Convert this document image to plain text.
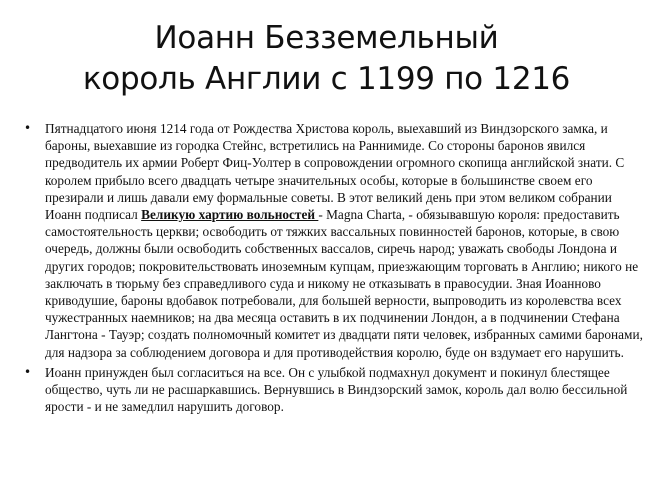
Иоанн Безземельный
король Англии с 1199 по 1216
• Пятнадцатого июня 1214 года от Рождества Христова король, выехавший из Виндзорского замка, и бароны, выехавшие из городка Стейнс, встретились на Раннимиде. Со стороны баронов явился предводитель их армии Роберт Фиц-Уолтер в сопровождении огромного скопища английской знати. С королем прибыло всего двадцать четыре значительных особы, которые в большинстве своем его презирали и лишь давали ему формальные советы. В этот великий день при этом великом собрании Иоанн подписал Великую хартию вольностей - Magna Charta, - обязывавшую короля: предоставить самостоятельность церкви; освободить от тяжких вассальных повинностей баронов, которые, в свою очередь, должны были освободить собственных вассалов, сиречь народ; уважать свободы Лондона и других городов; покровительствовать иноземным купцам, приезжающим торговать в Англию; никого не заключать в тюрьму без справедливого суда и никому не отказывать в правосудии. Зная Иоанново криводушие, бароны вдобавок потребовали, для большей верности, выпроводить из королевства всех чужестранных наемников; на два месяца оставить в их подчинении Лондон, а в подчинении Стефана Лангтона - Тауэр; создать полномочный комитет из двадцати пяти человек, избранных самими баронами, для надзора за соблюдением договора и для противодействия королю, буде он вздумает его нарушить.
• Иоанн принужден был согласиться на все. Он с улыбкой подмахнул документ и покинул блестящее общество, чуть ли не расшаркавшись. Вернувшись в Виндзорский замок, король дал волю бессильной ярости - и не замедлил нарушить договор.
